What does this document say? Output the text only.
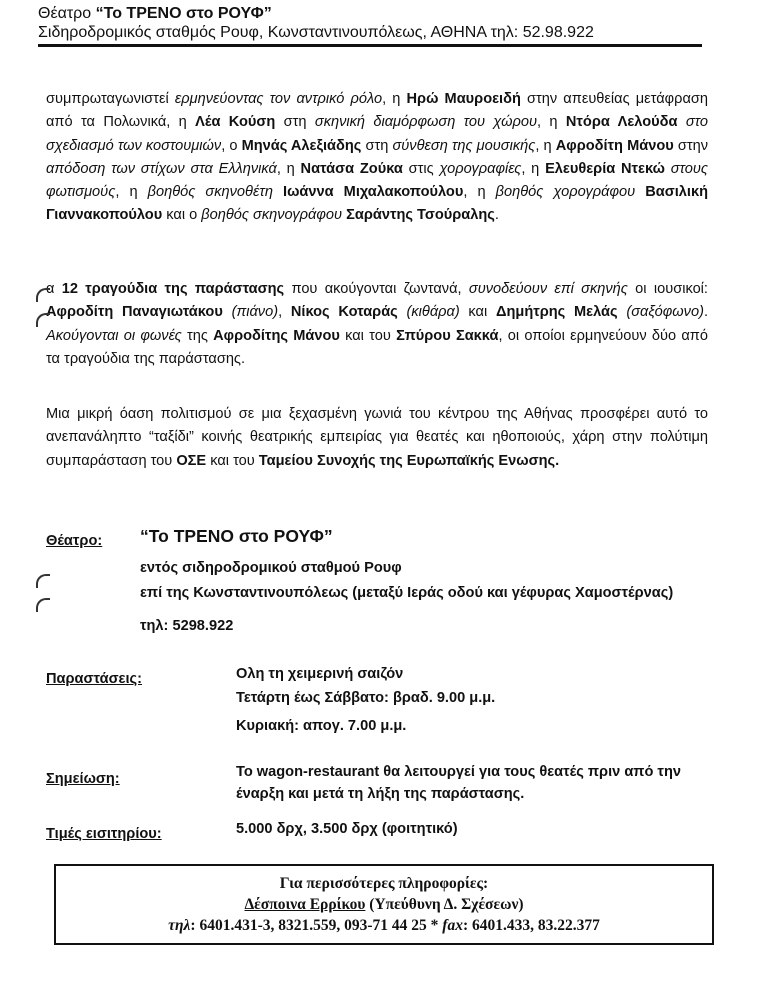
Θέατρο “Το ΤΡΕΝΟ στο ΡΟΥΦ”
Σιδηροδρομικός σταθμός Ρουφ, Κωνσταντινουπόλεως, ΑΘΗΝΑ τηλ: 52.98.922
συμπρωταγωνιστεί ερμηνεύοντας τον αντρικό ρόλο, η Ηρώ Μαυροειδή στην απευθείας μετάφραση από τα Πολωνικά, η Λέα Κούση στη σκηνική διαμόρφωση του χώρου, η Ντόρα Λελούδα στο σχεδιασμό των κοστουμιών, ο Μηνάς Αλεξιάδης στη σύνθεση της μουσικής, η Αφροδίτη Μάνου στην απόδοση των στίχων στα Ελληνικά, η Νατάσα Ζούκα στις χορογραφίες, η Ελευθερία Ντεκώ στους φωτισμούς, η βοηθός σκηνοθέτη Ιωάννα Μιχαλακοπούλου, η βοηθός χορογράφου Βασιλική Γιαννακοπούλου και ο βοηθός σκηνογράφου Σαράντης Τσούραλης.
α 12 τραγούδια της παράστασης που ακούγονται ζωντανά, συνοδεύουν επί σκηνής οι ιουσικοί: Αφροδίτη Παναγιωτάκου (πιάνο), Νίκος Κοταράς (κιθάρα) και Δημήτρης Μελάς (σαξόφωνο). Ακούγονται οι φωνές της Αφροδίτης Μάνου και του Σπύρου Σακκά, οι οποίοι ερμηνεύουν δύο από τα τραγούδια της παράστασης.
Μια μικρή όαση πολιτισμού σε μια ξεχασμένη γωνιά του κέντρου της Αθήνας προσφέρει αυτό το ανεπανάληπτο “ταξίδι” κοινής θεατρικής εμπειρίας για θεατές και ηθοποιούς, χάρη στην πολύτιμη συμπαράσταση του ΟΣΕ και του Ταμείου Συνοχής της Ευρωπαϊκής Ενωσης.
Θέατρο: “Το ΤΡΕΝΟ στο ΡΟΥΦ”
εντός σιδηροδρομικού σταθμού Ρουφ
επί της Κωνσταντινουπόλεως (μεταξύ Ιεράς οδού και γέφυρας Χαμοστέρνας)
τηλ: 5298.922
Παραστάσεις:	Ολη τη χειμερινή σαιζόν
Τετάρτη έως Σάββατο: βραδ. 9.00 μ.μ.
Κυριακή: απογ. 7.00 μ.μ.
Σημείωση:	Το wagon-restaurant θα λειτουργεί για τους θεατές πριν από την
έναρξη και μετά τη λήξη της παράστασης.
Τιμές εισιτηρίου:	5.000 δρχ, 3.500 δρχ (φοιτητικό)
Για περισσότερες πληροφορίες:
Δέσποινα Ερρίκου (Υπεύθυνη Δ. Σχέσεων)
τηλ: 6401.431-3, 8321.559, 093-71 44 25 * fax: 6401.433, 83.22.377
